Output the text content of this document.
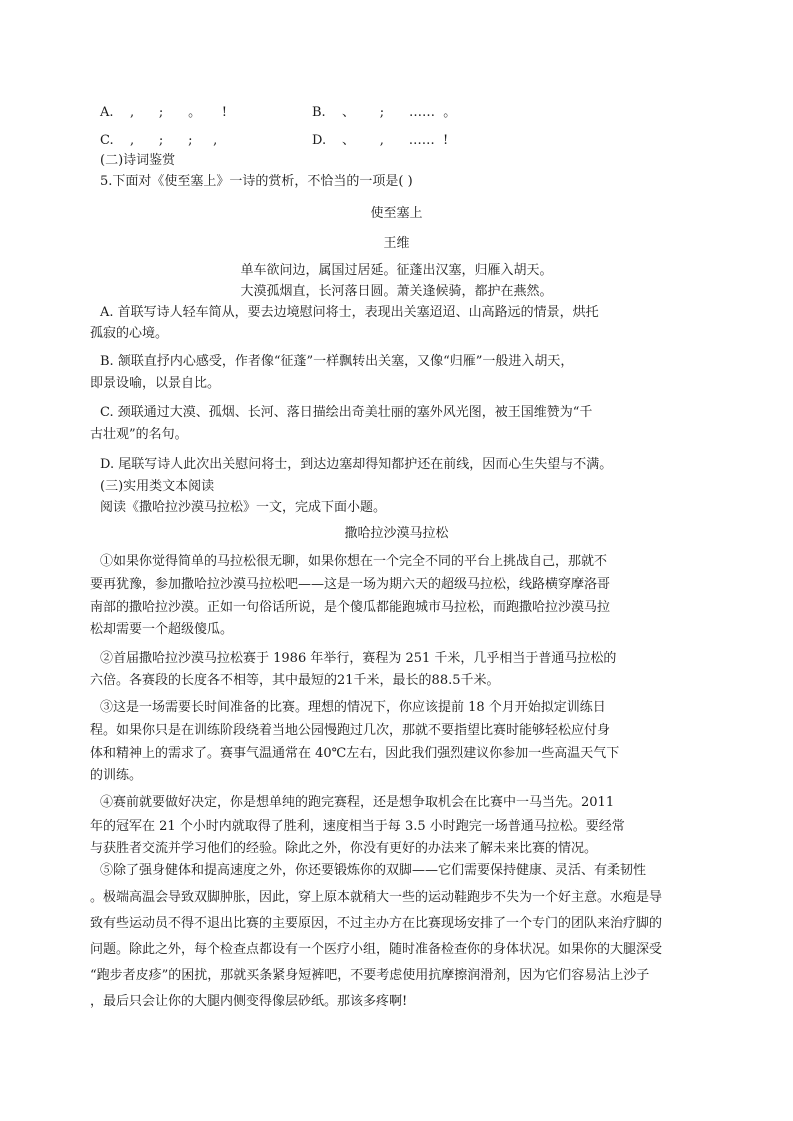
A. ,      ;      。     !	B. 、      ;      ……  。
C. ,      ;      ;     ,	D. 、      ,      ……  !
(二)诗词鉴赏
5.下面对《使至塞上》一诗的赏析，不恰当的一项是( )
使至塞上
王维
单车欲问边，属国过居延。征蓬出汉塞，归雁入胡天。
大漠孤烟直，长河落日圆。萧关逢候骑，都护在燕然。
A. 首联写诗人轻车简从，要去边境慰问将士，表现出关塞迢迢、山高路远的情景，烘托
孤寂的心境。
B. 颔联直抒内心感受，作者像“征蓬”一样飘转出关塞，又像“归雁”一般进入胡天，
即景设喻，以景自比。
C. 颈联通过大漠、孤烟、长河、落日描绘出奇美壮丽的塞外风光图，被王国维赞为“千
古壮观”的名句。
D. 尾联写诗人此次出关慰问将士，到达边塞却得知都护还在前线，因而心生失望与不满。
(三)实用类文本阅读
阅读《撒哈拉沙漠马拉松》一文，完成下面小题。
撒哈拉沙漠马拉松
①如果你觉得简单的马拉松很无聊，如果你想在一个完全不同的平台上挑战自己，那就不
要再犹豫，参加撒哈拉沙漠马拉松吧——这是一场为期六天的超级马拉松，线路横穿摩洛哥
南部的撒哈拉沙漠。正如一句俗话所说，是个傻瓜都能跑城市马拉松，而跑撒哈拉沙漠马拉
松却需要一个超级傻瓜。
②首届撒哈拉沙漠马拉松赛于 1986 年举行，赛程为 251 千米，几乎相当于普通马拉松的
六倍。各赛段的长度各不相等，其中最短的21千米，最长的88.5千米。
③这是一场需要长时间准备的比赛。理想的情况下，你应该提前 18 个月开始拟定训练日
程。如果你只是在训练阶段绕着当地公园慢跑过几次，那就不要指望比赛时能够轻松应付身
体和精神上的需求了。赛事气温通常在 40℃左右，因此我们强烈建议你参加一些高温天气下
的训练。
④赛前就要做好决定，你是想单纯的跑完赛程，还是想争取机会在比赛中一马当先。2011
年的冠军在 21 个小时内就取得了胜利，速度相当于每 3.5 小时跑完一场普通马拉松。要经常
与获胜者交流并学习他们的经验。除此之外，你没有更好的办法来了解未来比赛的情况。
⑤除了强身健体和提高速度之外，你还要锻炼你的双脚——它们需要保持健康、灵活、有柔韧性
。极端高温会导致双脚肿胀，因此，穿上原本就稍大一些的运动鞋跑步不失为一个好主意。水疱是导
致有些运动员不得不退出比赛的主要原因，不过主办方在比赛现场安排了一个专门的团队来治疗脚的
问题。除此之外，每个检查点都设有一个医疗小组，随时准备检查你的身体状况。如果你的大腿深受
“跑步者皮疹”的困扰，那就买条紧身短裤吧，不要考虑使用抗摩擦润滑剂，因为它们容易沾上沙子
，最后只会让你的大腿内侧变得像层砂纸。那该多疼啊!
